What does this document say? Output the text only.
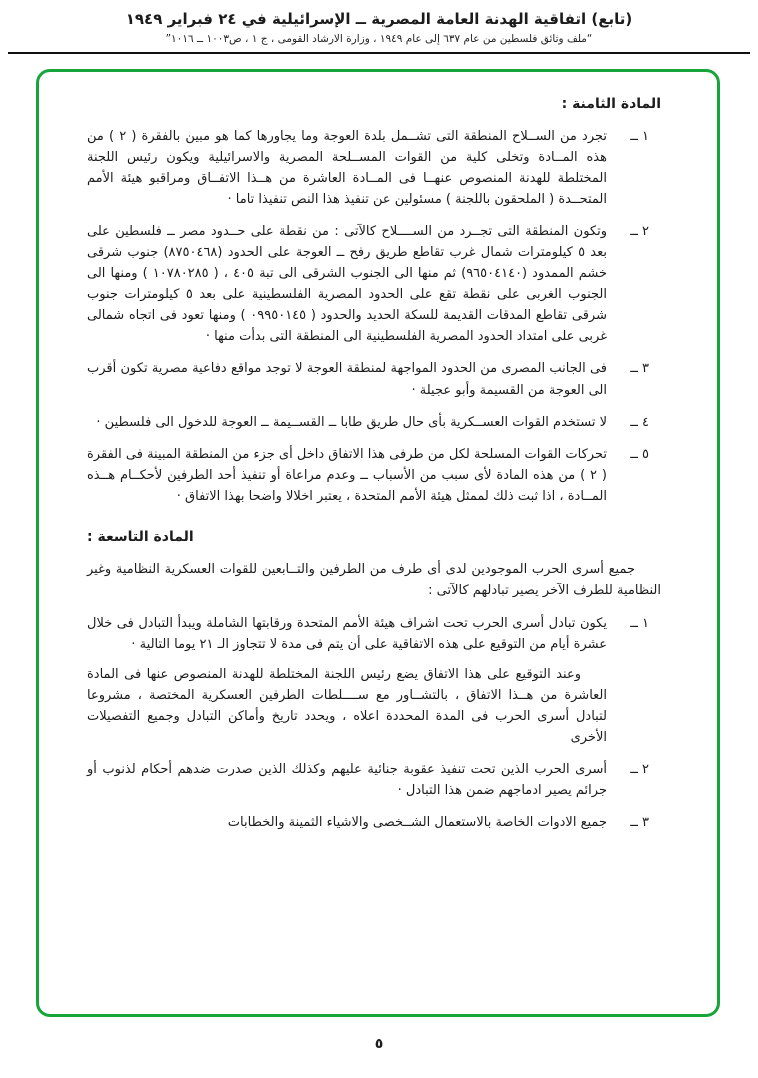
(تابع) اتفاقية الهدنة العامة المصرية ــ الإسرائيلية في ٢٤ فبراير ١٩٤٩
“ملف وثائق فلسطين من عام ٦٣٧ إلى عام ١٩٤٩ ، وزارة الارشاد القومى ، ج ١ ، ص١٠٠٣ ــ ١٠١٦”
المادة الثامنة :
١ ــ

تجرد من الســلاح المنطقة التى تشــمل بلدة العوجة وما يجاورها كما هو مبين بالفقرة ( ٢ ) من هذه المــادة وتخلى كلية من القوات المســلحة المصرية والاسرائيلية ويكون رئيس اللجنة المختلطة للهدنة المنصوص عنهــا فى المــادة العاشرة من هــذا الاتفــاق ومراقبو هيئة الأمم المتحــدة ( الملحقون باللجنة ) مسئولين عن تنفيذ هذا النص تنفيذا تاما ·

٢ ــ

وتكون المنطقة التى تجــرد من الســــلاح كالآتى : من نقطة على حــدود مصر ــ فلسطين على بعد ٥ كيلومترات شمال غرب تقاطع طريق رفح ــ العوجة على الحدود (٨٧٥٠٤٦٨) جنوب شرقى خشم الممدود (٩٦٥٠٤١٤٠) ثم منها الى الجنوب الشرقى الى تبة ٤٠٥ ، ( ١٠٧٨٠٢٨٥ ) ومنها الى الجنوب الغربى على نقطة تقع على الحدود المصرية الفلسطينية على بعد ٥ كيلومترات جنوب شرقى تقاطع المدقات القديمة للسكة الحديد والحدود ( ٠٩٩٥٠١٤٥ ) ومنها تعود فى اتجاه شمالى غربى على امتداد الحدود المصرية الفلسطينية الى المنطقة التى بدأت منها ·

٣ ــ

فى الجانب المصرى من الحدود المواجهة لمنطقة العوجة لا توجد مواقع دفاعية مصرية تكون أقرب الى العوجة من القسيمة وأبو عجيلة ·

٤ ــ

لا تستخدم القوات العســكرية بأى حال طريق طابا ــ القســيمة ــ العوجة للدخول الى فلسطين ·

٥ ــ

تحركات القوات المسلحة لكل من طرفى هذا الاتفاق داخل أى جزء من المنطقة المبينة فى الفقرة ( ٢ ) من هذه المادة لأى سبب من الأسباب ــ وعدم مراعاة أو تنفيذ أحد الطرفين لأحكــام هــذه المــادة ، اذا ثبت ذلك لممثل هيئة الأمم المتحدة ، يعتبر اخلالا واضحا بهذا الاتفاق ·

المادة التاسعة :

جميع أسرى الحرب الموجودين لدى أى طرف من الطرفين والتــابعين للقوات العسكرية النظامية وغير النظامية للطرف الآخر يصير تبادلهم كالآتى :

١ ــ

يكون تبادل أسرى الحرب تحت اشراف هيئة الأمم المتحدة ورقابتها الشاملة ويبدأ التبادل فى خلال عشرة أيام من التوقيع على هذه الاتفاقية على أن يتم فى مدة لا تتجاوز الـ ٢١ يوما التالية ·

وعند التوقيع على هذا الاتفاق يضع رئيس اللجنة المختلطة للهدنة المنصوص عنها فى المادة العاشرة من هــذا الاتفاق ، بالتشــاور مع ســــلطات الطرفين العسكرية المختصة ، مشروعا لتبادل أسرى الحرب فى المدة المحددة اعلاه ، ويحدد تاريخ وأماكن التبادل وجميع التفصيلات الأخرى

٢ ــ

أسرى الحرب الذين تحت تنفيذ عقوبة جنائية عليهم وكذلك الذين صدرت ضدهم أحكام لذنوب أو جرائم يصير ادماجهم ضمن هذا التبادل ·

٣ ــ

جميع الادوات الخاصة بالاستعمال الشــخصى والاشياء الثمينة والخطابات

٥
